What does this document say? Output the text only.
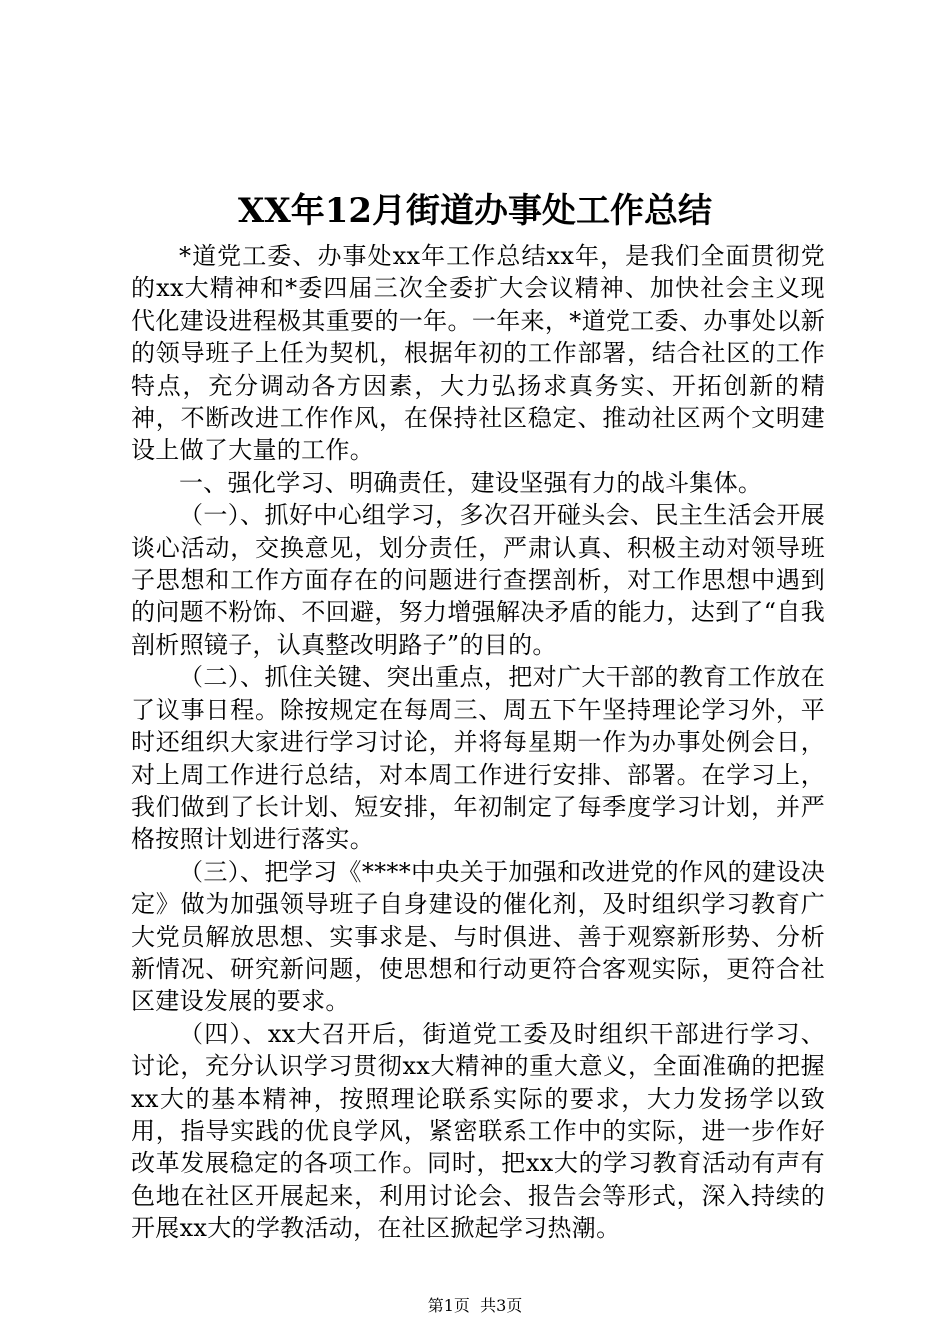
XX年12月街道办事处工作总结

*道党工委、办事处xx年工作总结xx年，是我们全面贯彻党的xx大精神和*委四届三次全委扩大会议精神、加快社会主义现代化建设进程极其重要的一年。一年来，*道党工委、办事处以新的领导班子上任为契机，根据年初的工作部署，结合社区的工作特点，充分调动各方因素，大力弘扬求真务实、开拓创新的精神，不断改进工作作风，在保持社区稳定、推动社区两个文明建设上做了大量的工作。

一、强化学习、明确责任，建设坚强有力的战斗集体。

（一）、抓好中心组学习，多次召开碰头会、民主生活会开展谈心活动，交换意见，划分责任，严肃认真、积极主动对领导班子思想和工作方面存在的问题进行查摆剖析，对工作思想中遇到的问题不粉饰、不回避，努力增强解决矛盾的能力，达到了“自我剖析照镜子，认真整改明路子”的目的。

（二）、抓住关键、突出重点，把对广大干部的教育工作放在了议事日程。除按规定在每周三、周五下午坚持理论学习外，平时还组织大家进行学习讨论，并将每星期一作为办事处例会日，对上周工作进行总结，对本周工作进行安排、部署。在学习上，我们做到了长计划、短安排，年初制定了每季度学习计划，并严格按照计划进行落实。

（三）、把学习《****中央关于加强和改进党的作风的建设决定》做为加强领导班子自身建设的催化剂，及时组织学习教育广大党员解放思想、实事求是、与时俱进、善于观察新形势、分析新情况、研究新问题，使思想和行动更符合客观实际，更符合社区建设发展的要求。

（四）、xx大召开后，街道党工委及时组织干部进行学习、讨论，充分认识学习贯彻xx大精神的重大意义，全面准确的把握xx大的基本精神，按照理论联系实际的要求，大力发扬学以致用，指导实践的优良学风，紧密联系工作中的实际，进一步作好改革发展稳定的各项工作。同时，把xx大的学习教育活动有声有色地在社区开展起来，利用讨论会、报告会等形式，深入持续的开展xx大的学教活动，在社区掀起学习热潮。

第1页 共3页
